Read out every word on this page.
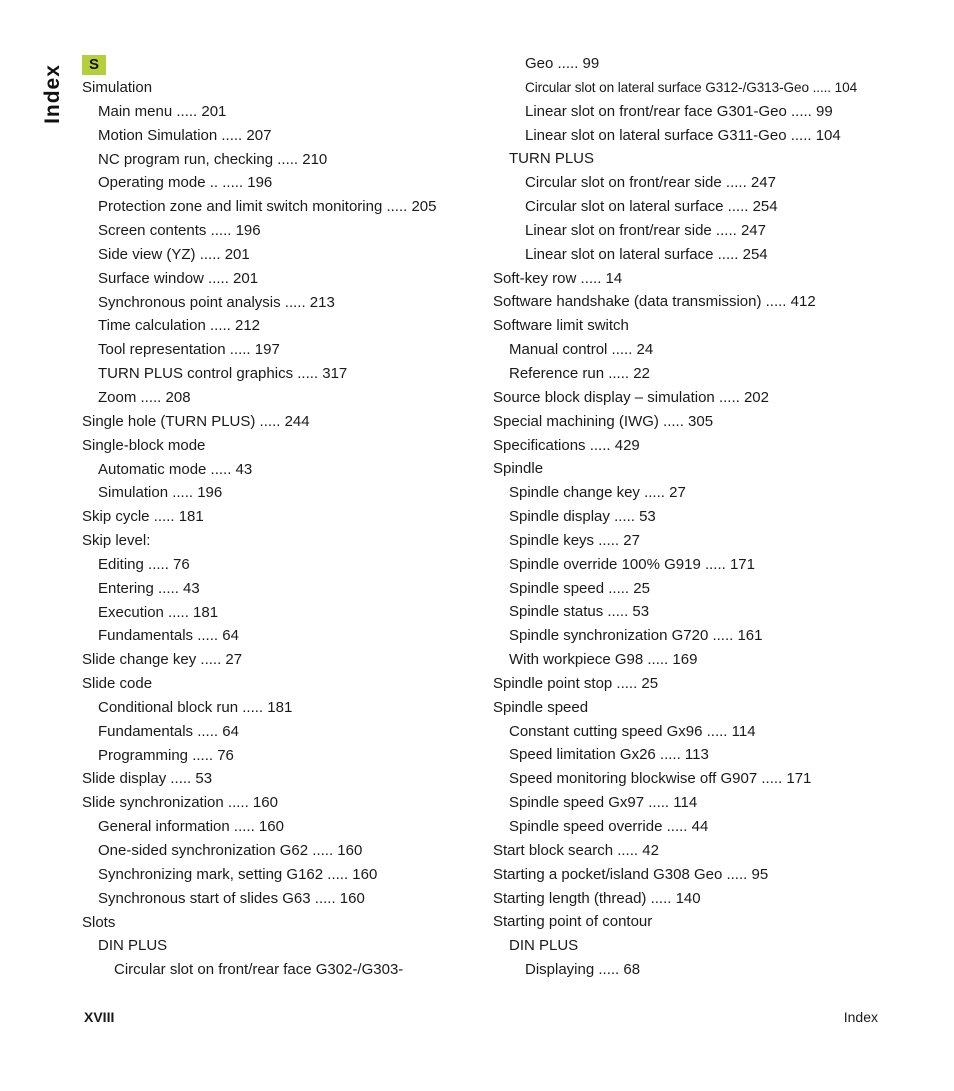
Index	S
Simulation
Main menu ..... 201
Motion Simulation ..... 207
NC program run, checking ..... 210
Operating mode .. ..... 196
Protection zone and limit switch monitoring ..... 205
Screen contents ..... 196
Side view (YZ) ..... 201
Surface window ..... 201
Synchronous point analysis ..... 213
Time calculation ..... 212
Tool representation ..... 197
TURN PLUS control graphics ..... 317
Zoom ..... 208
Single hole (TURN PLUS) ..... 244
Single-block mode
Automatic mode ..... 43
Simulation ..... 196
Skip cycle ..... 181
Skip level:
Editing ..... 76
Entering ..... 43
Execution ..... 181
Fundamentals ..... 64
Slide change key ..... 27
Slide code
Conditional block run ..... 181
Fundamentals ..... 64
Programming ..... 76
Slide display ..... 53
Slide synchronization ..... 160
General information ..... 160
One-sided synchronization G62 ..... 160
Synchronizing mark, setting G162 ..... 160
Synchronous start of slides G63 ..... 160
Slots
DIN PLUS
Circular slot on front/rear face G302-/G303-
Geo ..... 99
Circular slot on lateral surface G312-/G313-Geo ..... 104
Linear slot on front/rear face G301-Geo ..... 99
Linear slot on lateral surface G311-Geo ..... 104
TURN PLUS
Circular slot on front/rear side ..... 247
Circular slot on lateral surface ..... 254
Linear slot on front/rear side ..... 247
Linear slot on lateral surface ..... 254
Soft-key row ..... 14
Software handshake (data transmission) ..... 412
Software limit switch
Manual control ..... 24
Reference run ..... 22
Source block display – simulation ..... 202
Special machining (IWG) ..... 305
Specifications ..... 429
Spindle
Spindle change key ..... 27
Spindle display ..... 53
Spindle keys ..... 27
Spindle override 100% G919 ..... 171
Spindle speed ..... 25
Spindle status ..... 53
Spindle synchronization G720 ..... 161
With workpiece G98 ..... 169
Spindle point stop ..... 25
Spindle speed
Constant cutting speed Gx96 ..... 114
Speed limitation Gx26 ..... 113
Speed monitoring blockwise off G907 ..... 171
Spindle speed Gx97 ..... 114
Spindle speed override ..... 44
Start block search ..... 42
Starting a pocket/island G308 Geo ..... 95
Starting length (thread) ..... 140
Starting point of contour
DIN PLUS
Displaying ..... 68
XVIII	Index
